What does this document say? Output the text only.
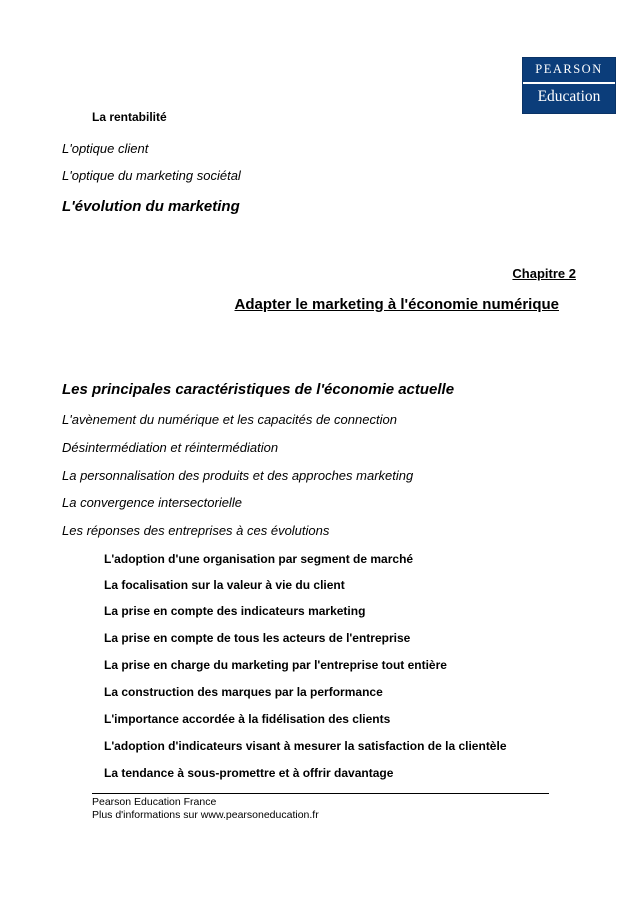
PEARSON
Education
La rentabilité
L'optique client
L'optique du marketing sociétal
L'évolution du marketing
Chapitre 2
Adapter le marketing à l'économie numérique
Les principales caractéristiques de l'économie actuelle
L'avènement du numérique et les capacités de connection
Désintermédiation et réintermédiation
La personnalisation des produits et des approches marketing
La convergence intersectorielle
Les réponses des entreprises à ces évolutions
L'adoption d'une organisation par segment de marché
La focalisation sur la valeur à vie du client
La prise en compte des indicateurs marketing
La prise en compte de tous les acteurs de l'entreprise
La prise en charge du marketing par l'entreprise tout entière
La construction des marques par la performance
L'importance accordée à la fidélisation des clients
L'adoption d'indicateurs visant à mesurer la satisfaction de la clientèle
La tendance à sous-promettre et à offrir davantage
Pearson Education France
Plus d'informations sur www.pearsoneducation.fr
